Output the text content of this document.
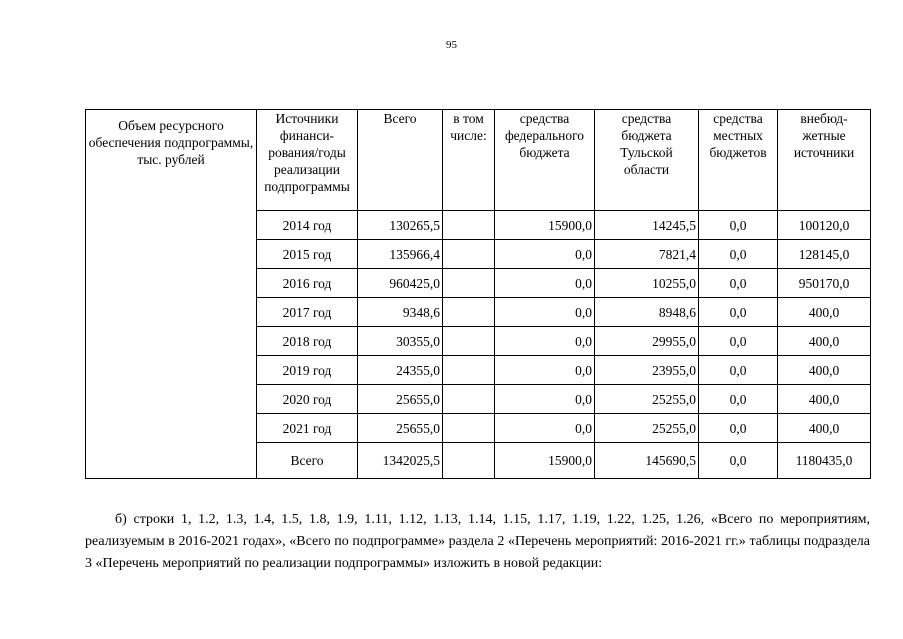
95
Объем ресурсного обеспечения подпрограммы, тыс. рублей	Источники финанси-рования/годы реализации подпрограммы	Всего	в том числе:	средства федерального бюджета	средства бюджета Тульской области	средства местных бюджетов	внебюд-жетные источники
	2014 год	130265,5		15900,0	14245,5	0,0	100120,0
	2015 год	135966,4		0,0	7821,4	0,0	128145,0
	2016 год	960425,0		0,0	10255,0	0,0	950170,0
	2017 год	9348,6		0,0	8948,6	0,0	400,0
	2018 год	30355,0		0,0	29955,0	0,0	400,0
	2019 год	24355,0		0,0	23955,0	0,0	400,0
	2020 год	25655,0		0,0	25255,0	0,0	400,0
	2021 год	25655,0		0,0	25255,0	0,0	400,0
	Всего	1342025,5		15900,0	145690,5	0,0	1180435,0

б) строки 1, 1.2, 1.3, 1.4, 1.5, 1.8, 1.9, 1.11, 1.12, 1.13, 1.14, 1.15, 1.17, 1.19, 1.22, 1.25, 1.26, «Всего по мероприятиям, реализуемым в 2016-2021 годах», «Всего по подпрограмме» раздела 2 «Перечень мероприятий: 2016-2021 гг.» таблицы подраздела 3 «Перечень мероприятий по реализации подпрограммы» изложить в новой редакции:
